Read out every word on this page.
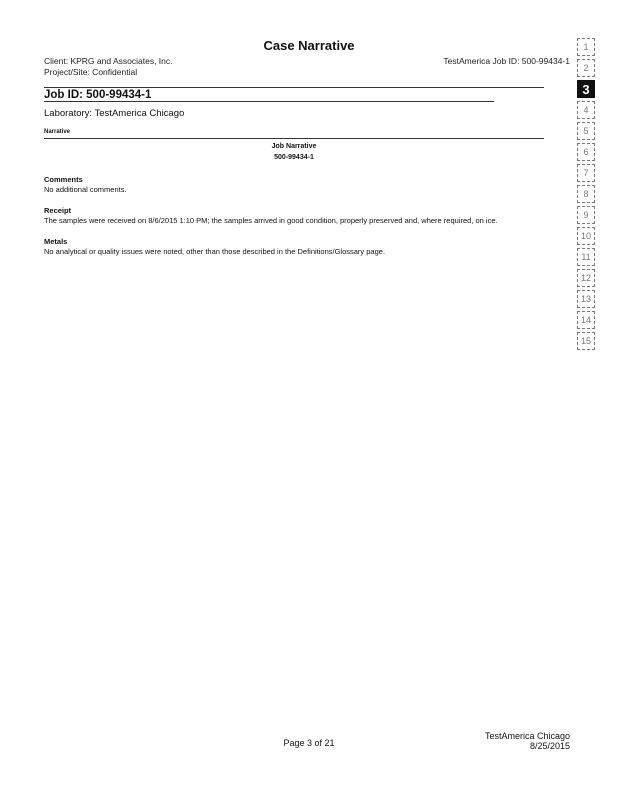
Case Narrative
Client: KPRG and Associates, Inc.
Project/Site: Confidential
TestAmerica Job ID: 500-99434-1
Job ID: 500-99434-1
Laboratory: TestAmerica Chicago
Narrative
Job Narrative
500-99434-1
Comments
No additional comments.
Receipt
The samples were received on 8/6/2015 1:10 PM; the samples arrived in good condition, properly preserved and, where required, on ice.
Metals
No analytical or quality issues were noted, other than those described in the Definitions/Glossary page.
1
2
3
4
5
6
7
8
9
10
11
12
13
14
15
Page 3 of 21
TestAmerica Chicago
8/25/2015
